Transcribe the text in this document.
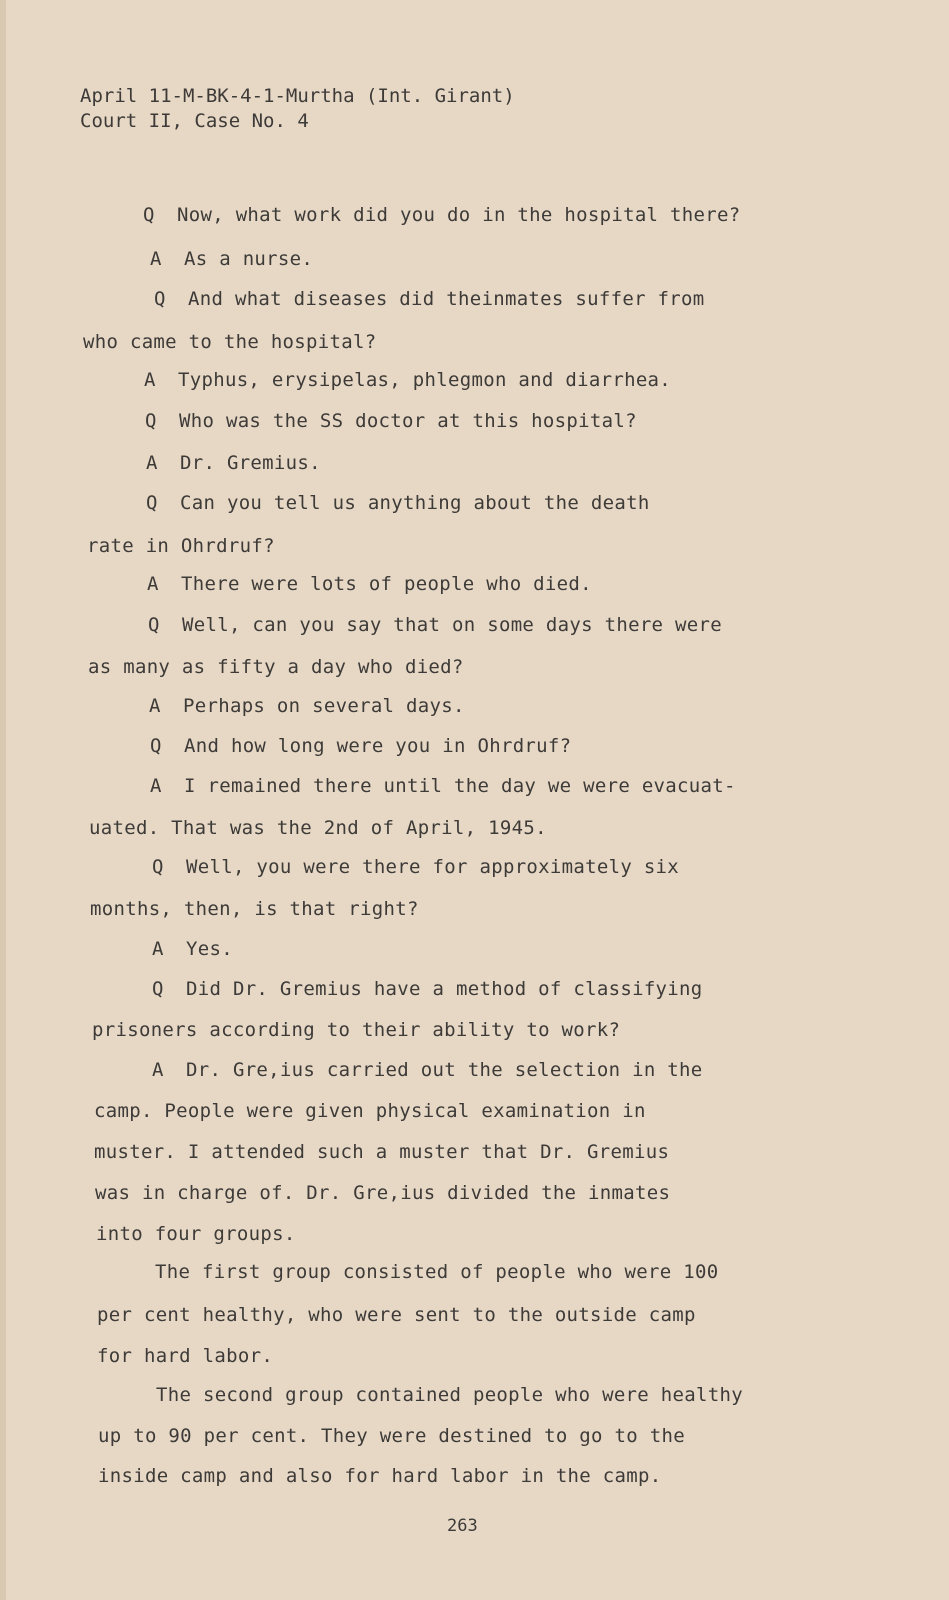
April 11-M-BK-4-1-Murtha (Int. Girant)
Court II, Case No. 4
Q Now, what work did you do in the hospital there?
A As a nurse.
Q And what diseases did theinmates suffer from
who came to the hospital?
A Typhus, erysipelas, phlegmon and diarrhea.
Q Who was the SS doctor at this hospital?
A Dr. Gremius.
Q Can you tell us anything about the death
rate in Ohrdruf?
A There were lots of people who died.
Q Well, can you say that on some days there were
as many as fifty a day who died?
A Perhaps on several days.
Q And how long were you in Ohrdruf?
A I remained there until the day we were evacuat-
uated. That was the 2nd of April, 1945.
Q Well, you were there for approximately six
months, then, is that right?
A Yes.
Q Did Dr. Gremius have a method of classifying
prisoners according to their ability to work?
A Dr. Gre,ius carried out the selection in the
camp. People were given physical examination in
muster. I attended such a muster that Dr. Gremius
was in charge of. Dr. Gre,ius divided the inmates
into four groups.
The first group consisted of people who were 100
per cent healthy, who were sent to the outside camp
for hard labor.
The second group contained people who were healthy
up to 90 per cent. They were destined to go to the
inside camp and also for hard labor in the camp.
263
